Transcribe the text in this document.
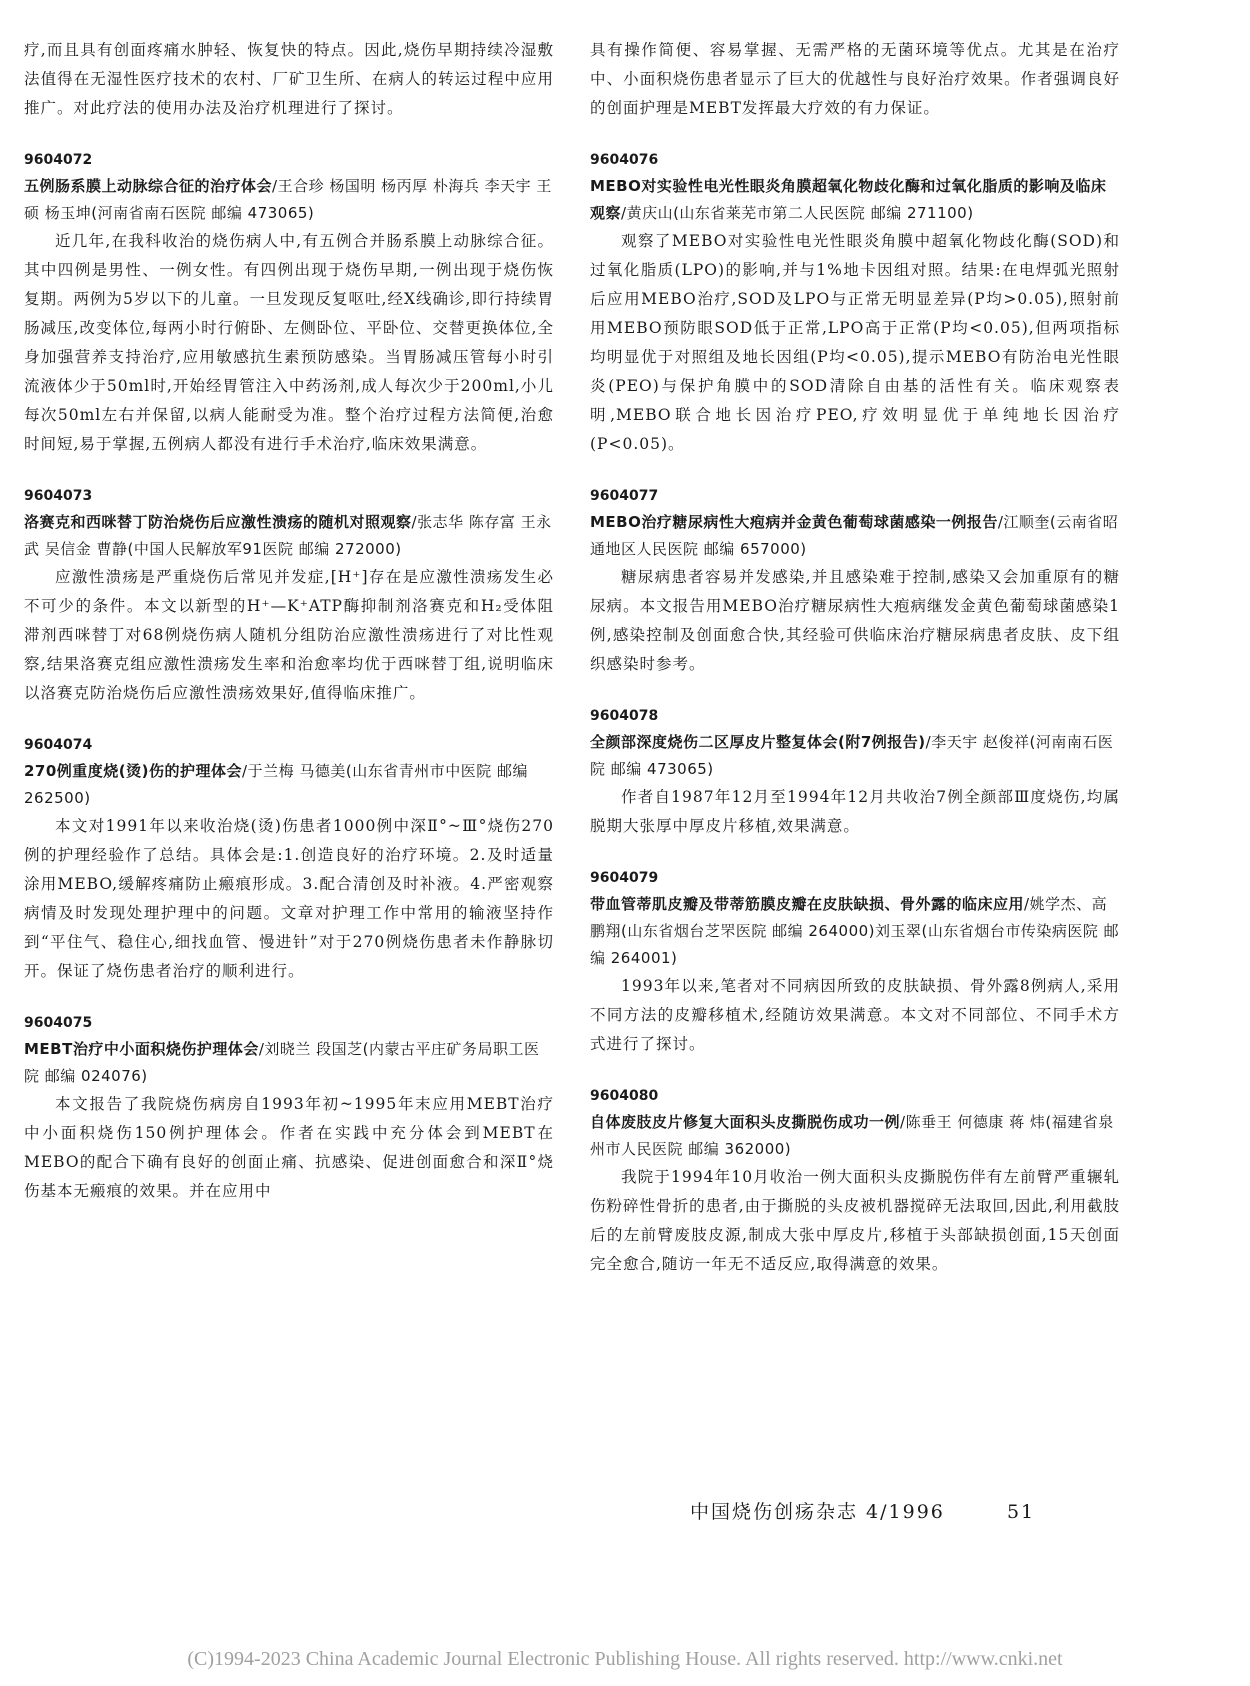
疗,而且具有创面疼痛水肿轻、恢复快的特点。因此,烧伤早期持续冷湿敷法值得在无湿性医疗技术的农村、厂矿卫生所、在病人的转运过程中应用推广。对此疗法的使用办法及治疗机理进行了探讨。

9604072

五例肠系膜上动脉综合征的治疗体会/王合珍 杨国明 杨丙厚 朴海兵 李天宇 王硕 杨玉坤(河南省南石医院 邮编 473065)

近几年,在我科收治的烧伤病人中,有五例合并肠系膜上动脉综合征。其中四例是男性、一例女性。有四例出现于烧伤早期,一例出现于烧伤恢复期。两例为5岁以下的儿童。一旦发现反复呕吐,经X线确诊,即行持续胃肠减压,改变体位,每两小时行俯卧、左侧卧位、平卧位、交替更换体位,全身加强营养支持治疗,应用敏感抗生素预防感染。当胃肠减压管每小时引流液体少于50ml时,开始经胃管注入中药汤剂,成人每次少于200ml,小儿每次50ml左右并保留,以病人能耐受为准。整个治疗过程方法简便,治愈时间短,易于掌握,五例病人都没有进行手术治疗,临床效果满意。

9604073

洛赛克和西咪替丁防治烧伤后应激性溃疡的随机对照观察/张志华 陈存富 王永武 吴信金 曹静(中国人民解放军91医院 邮编 272000)

应激性溃疡是严重烧伤后常见并发症,[H⁺]存在是应激性溃疡发生必不可少的条件。本文以新型的H⁺—K⁺ATP酶抑制剂洛赛克和H₂受体阻滞剂西咪替丁对68例烧伤病人随机分组防治应激性溃疡进行了对比性观察,结果洛赛克组应激性溃疡发生率和治愈率均优于西咪替丁组,说明临床以洛赛克防治烧伤后应激性溃疡效果好,值得临床推广。

9604074

270例重度烧(烫)伤的护理体会/于兰梅 马德美(山东省青州市中医院 邮编 262500)

本文对1991年以来收治烧(烫)伤患者1000例中深Ⅱ°~Ⅲ°烧伤270例的护理经验作了总结。具体会是:1.创造良好的治疗环境。2.及时适量涂用MEBO,缓解疼痛防止瘢痕形成。3.配合清创及时补液。4.严密观察病情及时发现处理护理中的问题。文章对护理工作中常用的输液坚持作到“平住气、稳住心,细找血管、慢进针”对于270例烧伤患者未作静脉切开。保证了烧伤患者治疗的顺利进行。

9604075

MEBT治疗中小面积烧伤护理体会/刘晓兰 段国芝(内蒙古平庄矿务局职工医院 邮编 024076)

本文报告了我院烧伤病房自1993年初~1995年末应用MEBT治疗中小面积烧伤150例护理体会。作者在实践中充分体会到MEBT在MEBO的配合下确有良好的创面止痛、抗感染、促进创面愈合和深Ⅱ°烧伤基本无瘢痕的效果。并在应用中

具有操作简便、容易掌握、无需严格的无菌环境等优点。尤其是在治疗中、小面积烧伤患者显示了巨大的优越性与良好治疗效果。作者强调良好的创面护理是MEBT发挥最大疗效的有力保证。

9604076

MEBO对实验性电光性眼炎角膜超氧化物歧化酶和过氧化脂质的影响及临床观察/黄庆山(山东省莱芜市第二人民医院 邮编 271100)

观察了MEBO对实验性电光性眼炎角膜中超氧化物歧化酶(SOD)和过氧化脂质(LPO)的影响,并与1%地卡因组对照。结果:在电焊弧光照射后应用MEBO治疗,SOD及LPO与正常无明显差异(P均>0.05),照射前用MEBO预防眼SOD低于正常,LPO高于正常(P均<0.05),但两项指标均明显优于对照组及地长因组(P均<0.05),提示MEBO有防治电光性眼炎(PEO)与保护角膜中的SOD清除自由基的活性有关。临床观察表明,MEBO联合地长因治疗PEO,疗效明显优于单纯地长因治疗(P<0.05)。

9604077

MEBO治疗糖尿病性大疱病并金黄色葡萄球菌感染一例报告/江顺奎(云南省昭通地区人民医院 邮编 657000)

糖尿病患者容易并发感染,并且感染难于控制,感染又会加重原有的糖尿病。本文报告用MEBO治疗糖尿病性大疱病继发金黄色葡萄球菌感染1例,感染控制及创面愈合快,其经验可供临床治疗糖尿病患者皮肤、皮下组织感染时参考。

9604078

全颜部深度烧伤二区厚皮片整复体会(附7例报告)/李天宇 赵俊祥(河南南石医院 邮编 473065)

作者自1987年12月至1994年12月共收治7例全颜部Ⅲ度烧伤,均属脱期大张厚中厚皮片移植,效果满意。

9604079

带血管蒂肌皮瓣及带蒂筋膜皮瓣在皮肤缺损、骨外露的临床应用/姚学杰、高鹏翔(山东省烟台芝罘医院 邮编 264000)刘玉翠(山东省烟台市传染病医院 邮编 264001)

1993年以来,笔者对不同病因所致的皮肤缺损、骨外露8例病人,采用不同方法的皮瓣移植术,经随访效果满意。本文对不同部位、不同手术方式进行了探讨。

9604080

自体废肢皮片修复大面积头皮撕脱伤成功一例/陈垂王 何德康 蒋 炜(福建省泉州市人民医院 邮编 362000)

我院于1994年10月收治一例大面积头皮撕脱伤伴有左前臂严重辗轧伤粉碎性骨折的患者,由于撕脱的头皮被机器搅碎无法取回,因此,利用截肢后的左前臂废肢皮源,制成大张中厚皮片,移植于头部缺损创面,15天创面完全愈合,随访一年无不适反应,取得满意的效果。

中国烧伤创疡杂志 4/1996	51
(C)1994-2023 China Academic Journal Electronic Publishing House. All rights reserved. http://www.cnki.net
